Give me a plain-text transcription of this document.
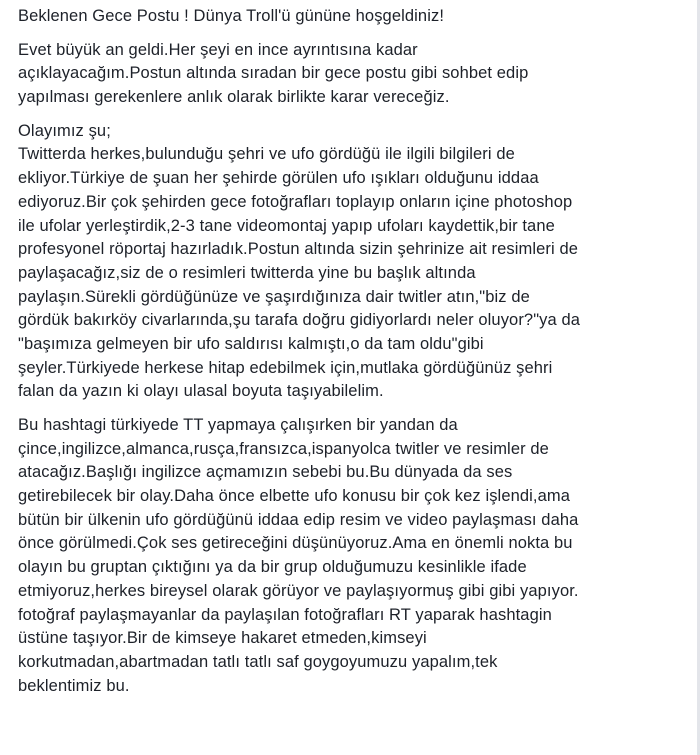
Beklenen Gece Postu ! Dünya Troll'ü gününe hoşgeldiniz!
Evet büyük an geldi.Her şeyi en ince ayrıntısına kadar
açıklayacağım.Postun altında sıradan bir gece postu gibi sohbet edip
yapılması gerekenlere anlık olarak birlikte karar vereceğiz.
Olayımız şu;
Twitterda herkes,bulunduğu şehri ve ufo gördüğü ile ilgili bilgileri de
ekliyor.Türkiye de şuan her şehirde görülen ufo ışıkları olduğunu iddaa
ediyoruz.Bir çok şehirden gece fotoğrafları toplayıp onların içine photoshop
ile ufolar yerleştirdik,2-3 tane videomontaj yapıp ufoları kaydettik,bir tane
profesyonel röportaj hazırladık.Postun altında sizin şehrinize ait resimleri de
paylaşacağız,siz de o resimleri twitterda yine bu başlık altında
paylaşın.Sürekli gördüğünüze ve şaşırdığınıza dair twitler atın,"biz de
gördük bakırköy civarlarında,şu tarafa doğru gidiyorlardı neler oluyor?"ya da
"başımıza gelmeyen bir ufo saldırısı kalmıştı,o da tam oldu"gibi
şeyler.Türkiyede herkese hitap edebilmek için,mutlaka gördüğünüz şehri
falan da yazın ki olayı ulasal boyuta taşıyabilelim.
Bu hashtagi türkiyede TT yapmaya çalışırken bir yandan da
çince,ingilizce,almanca,rusça,fransızca,ispanyolca twitler ve resimler de
atacağız.Başlığı ingilizce açmamızın sebebi bu.Bu dünyada da ses
getirebilecek bir olay.Daha önce elbette ufo konusu bir çok kez işlendi,ama
bütün bir ülkenin ufo gördüğünü iddaa edip resim ve video paylaşması daha
önce görülmedi.Çok ses getireceğini düşünüyoruz.Ama en önemli nokta bu
olayın bu gruptan çıktığını ya da bir grup olduğumuzu kesinlikle ifade
etmiyoruz,herkes bireysel olarak görüyor ve paylaşıyormuş gibi gibi yapıyor.
fotoğraf paylaşmayanlar da paylaşılan fotoğrafları RT yaparak hashtagin
üstüne taşıyor.Bir de kimseye hakaret etmeden,kimseyi
korkutmadan,abartmadan tatlı tatlı saf goygoyumuzu yapalım,tek
beklentimiz bu.
